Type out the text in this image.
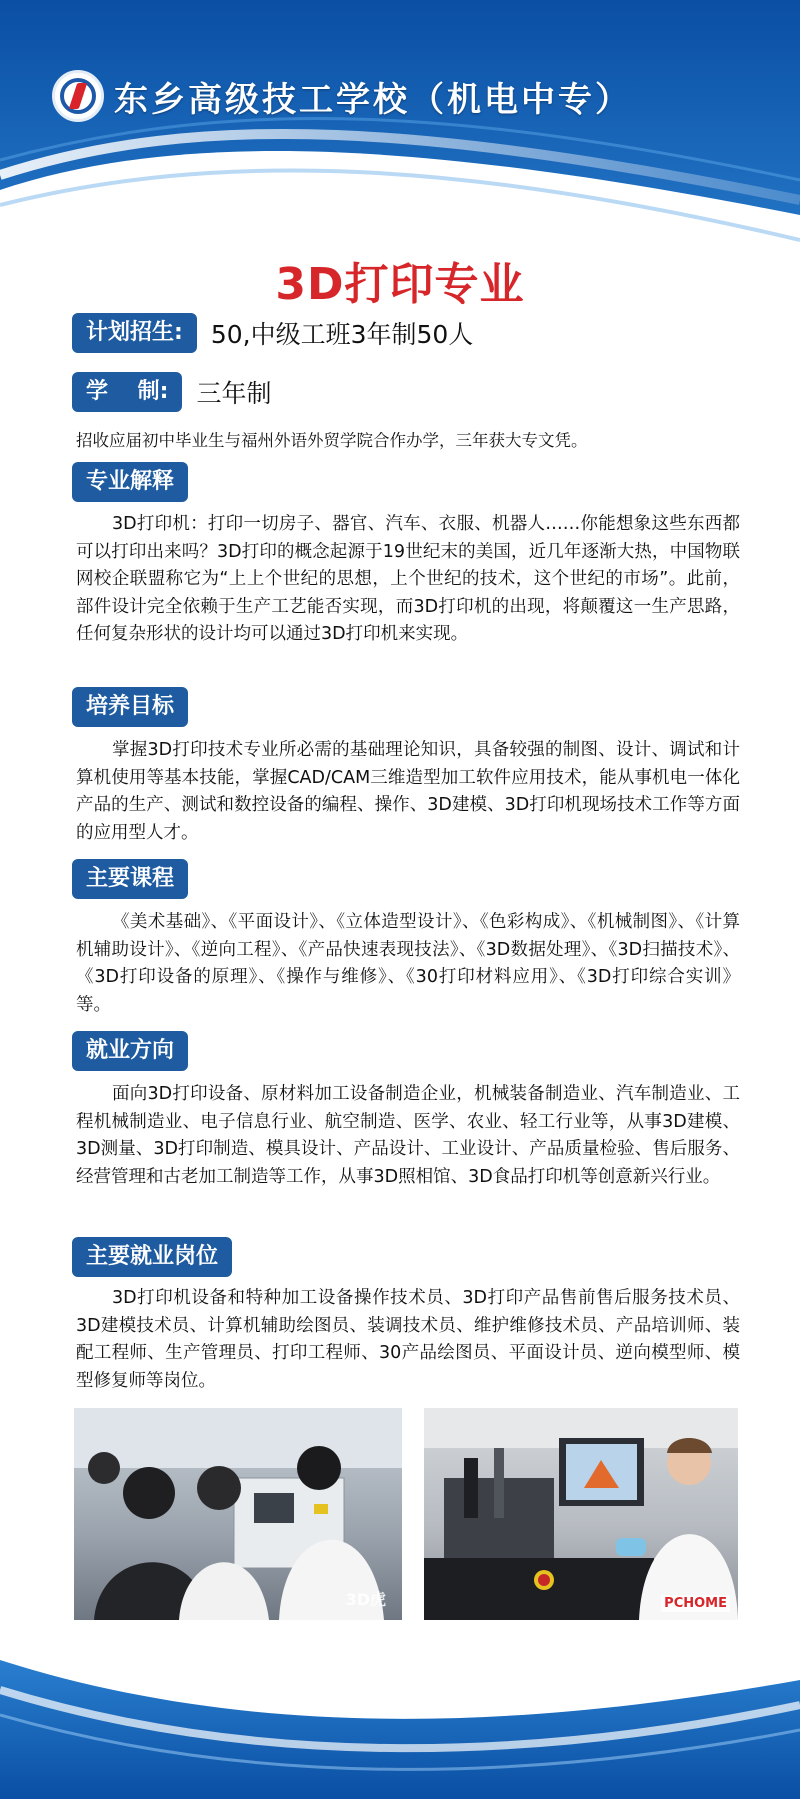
东乡高级技工学校（机电中专）
3D打印专业
计划招生:	50,中级工班3年制50人
学　 制:	三年制
招收应届初中毕业生与福州外语外贸学院合作办学，三年获大专文凭。
专业解释
3D打印机：打印一切房子、器官、汽车、衣服、机器人……你能想象这些东西都可以打印出来吗？3D打印的概念起源于19世纪末的美国，近几年逐渐大热，中国物联网校企联盟称它为“上上个世纪的思想，上个世纪的技术，这个世纪的市场”。此前，部件设计完全依赖于生产工艺能否实现，而3D打印机的出现，将颠覆这一生产思路，任何复杂形状的设计均可以通过3D打印机来实现。
培养目标
掌握3D打印技术专业所必需的基础理论知识，具备较强的制图、设计、调试和计算机使用等基本技能，掌握CAD/CAM三维造型加工软件应用技术，能从事机电一体化产品的生产、测试和数控设备的编程、操作、3D建模、3D打印机现场技术工作等方面的应用型人才。
主要课程
《美术基础》、《平面设计》、《立体造型设计》、《色彩构成》、《机械制图》、《计算机辅助设计》、《逆向工程》、《产品快速表现技法》、《3D数据处理》、《3D扫描技术》、《3D打印设备的原理》、《操作与维修》、《30打印材料应用》、《3D打印综合实训》等。
就业方向
面向3D打印设备、原材料加工设备制造企业，机械装备制造业、汽车制造业、工程机械制造业、电子信息行业、航空制造、医学、农业、轻工行业等，从事3D建模、3D测量、3D打印制造、模具设计、产品设计、工业设计、产品质量检验、售后服务、经营管理和古老加工制造等工作，从事3D照相馆、3D食品打印机等创意新兴行业。
主要就业岗位
3D打印机设备和特种加工设备操作技术员、3D打印产品售前售后服务技术员、3D建模技术员、计算机辅助绘图员、装调技术员、维护维修技术员、产品培训师、装配工程师、生产管理员、打印工程师、30产品绘图员、平面设计员、逆向模型师、模型修复师等岗位。
3D虎	PCHOME
